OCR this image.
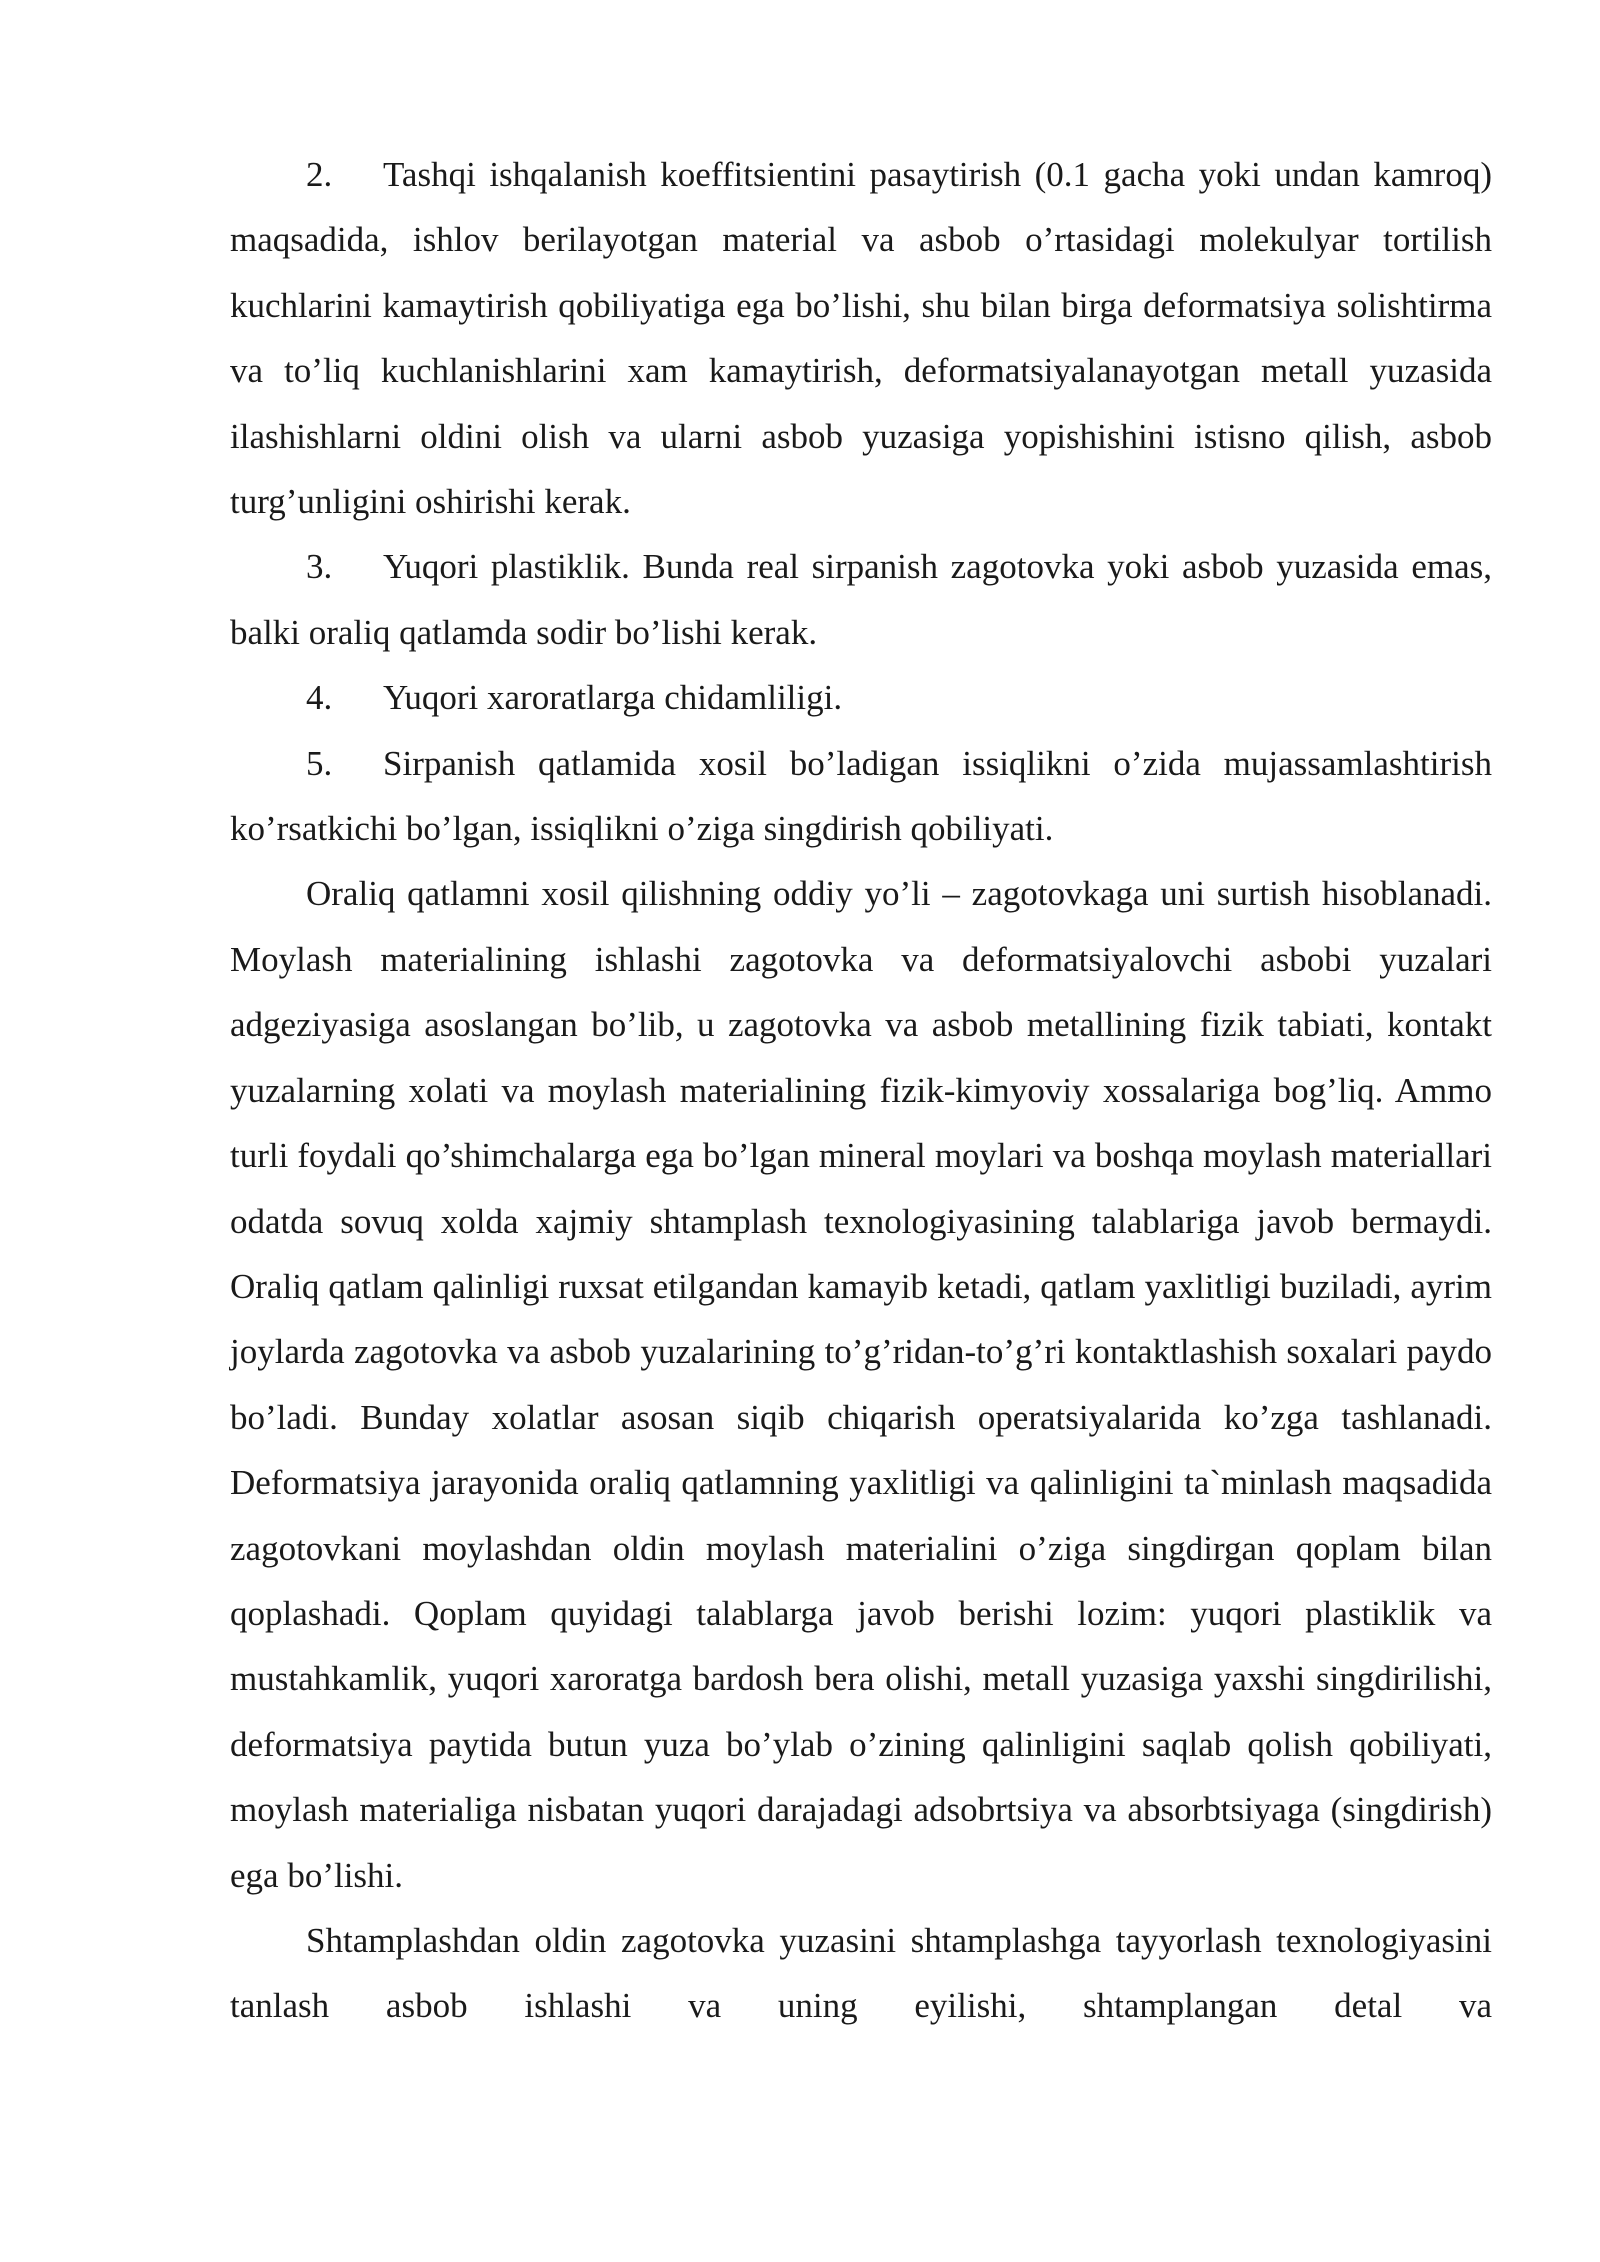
2. Tashqi ishqalanish koeffitsientini pasaytirish (0.1 gacha yoki undan kamroq) maqsadida, ishlov berilayotgan material va asbob o’rtasidagi molekulyar tortilish kuchlarini kamaytirish qobiliyatiga ega bo’lishi, shu bilan birga deformatsiya solishtirma va to’liq kuchlanishlarini xam kamaytirish, deformatsiyalanayotgan metall yuzasida ilashishlarni oldini olish va ularni asbob yuzasiga yopishishini istisno qilish, asbob turg’unligini oshirishi kerak.

3. Yuqori plastiklik. Bunda real sirpanish zagotovka yoki asbob yuzasida emas, balki oraliq qatlamda sodir bo’lishi kerak.

4. Yuqori xaroratlarga chidamliligi.

5. Sirpanish qatlamida xosil bo’ladigan issiqlikni o’zida mujassamlashtirish ko’rsatkichi bo’lgan, issiqlikni o’ziga singdirish qobiliyati.

Oraliq qatlamni xosil qilishning oddiy yo’li – zagotovkaga uni surtish hisoblanadi. Moylash materialining ishlashi zagotovka va deformatsiyalovchi asbobi yuzalari adgeziyasiga asoslangan bo’lib, u zagotovka va asbob metallining fizik tabiati, kontakt yuzalarning xolati va moylash materialining fizik-kimyoviy xossalariga bog’liq. Ammo turli foydali qo’shimchalarga ega bo’lgan mineral moylari va boshqa moylash materiallari odatda sovuq xolda xajmiy shtamplash texnologiyasining talablariga javob bermaydi. Oraliq qatlam qalinligi ruxsat etilgandan kamayib ketadi, qatlam yaxlitligi buziladi, ayrim joylarda zagotovka va asbob yuzalarining to’g’ridan-to’g’ri kontaktlashish soxalari paydo bo’ladi. Bunday xolatlar asosan siqib chiqarish operatsiyalarida ko’zga tashlanadi. Deformatsiya jarayonida oraliq qatlamning yaxlitligi va qalinligini ta`minlash maqsadida zagotovkani moylashdan oldin moylash materialini o’ziga singdirgan qoplam bilan qoplashadi. Qoplam quyidagi talablarga javob berishi lozim: yuqori plastiklik va mustahkamlik, yuqori xaroratga bardosh bera olishi, metall yuzasiga yaxshi singdirilishi, deformatsiya paytida butun yuza bo’ylab o’zining qalinligini saqlab qolish qobiliyati, moylash materialiga nisbatan yuqori darajadagi adsobrtsiya va absorbtsiyaga (singdirish) ega bo’lishi.

Shtamplashdan oldin zagotovka yuzasini shtamplashga tayyorlash texnologiyasini tanlash asbob ishlashi va uning eyilishi, shtamplangan detal va
